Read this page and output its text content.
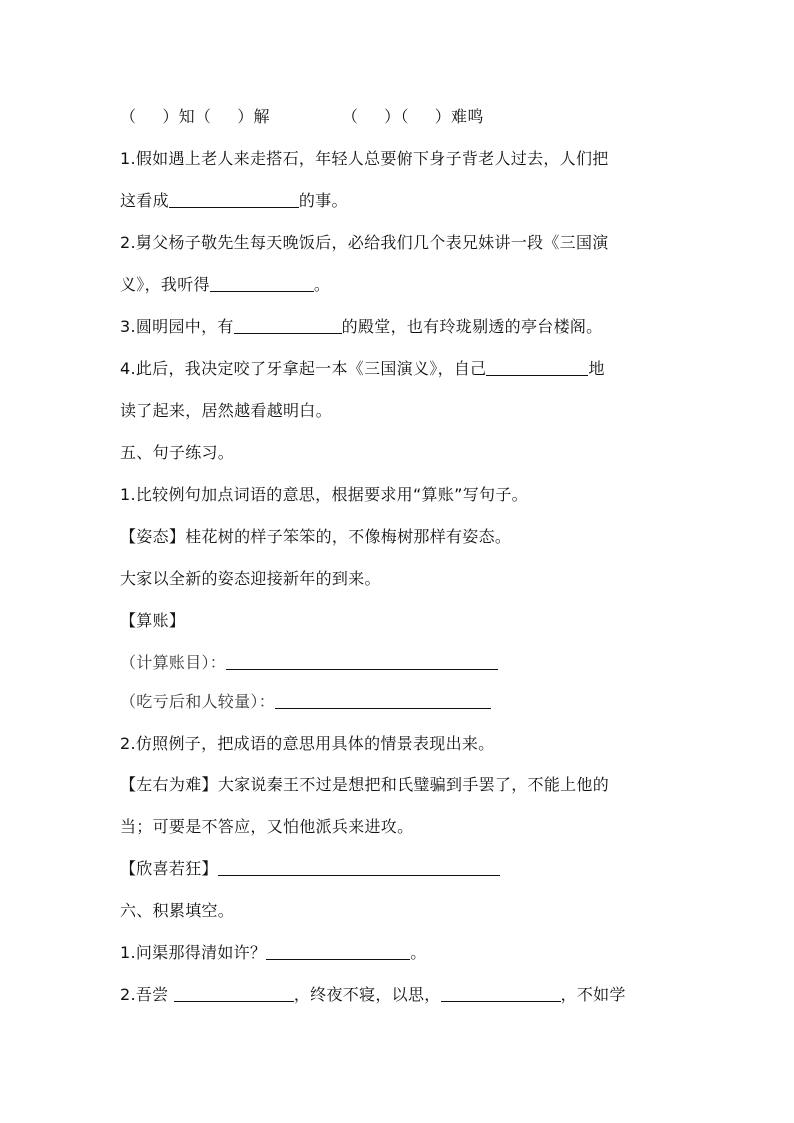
（ ）知（ ）解	（ ）（ ）难鸣
1.假如遇上老人来走搭石，年轻人总要俯下身子背老人过去，人们把
这看成	的事。
2.舅父杨子敬先生每天晚饭后，必给我们几个表兄妹讲一段《三国演
义》，我听得	。
3.圆明园中，有	的殿堂，也有玲珑剔透的亭台楼阁。
4.此后，我决定咬了牙拿起一本《三国演义》，自己	地
读了起来，居然越看越明白。
五、句子练习。
1.比较例句加点词语的意思，根据要求用“算账”写句子。
【姿态】桂花树的样子笨笨的，不像梅树那样有姿态。
大家以全新的姿态迎接新年的到来。
【算账】
（计算账目）：
（吃亏后和人较量）：
2.仿照例子，把成语的意思用具体的情景表现出来。
【左右为难】大家说秦王不过是想把和氏璧骗到手罢了，不能上他的
当；可要是不答应，又怕他派兵来进攻。
【欣喜若狂】
六、积累填空。
1.问渠那得清如许？	。
2.吾尝	，终夜不寝，以思，	，不如学
